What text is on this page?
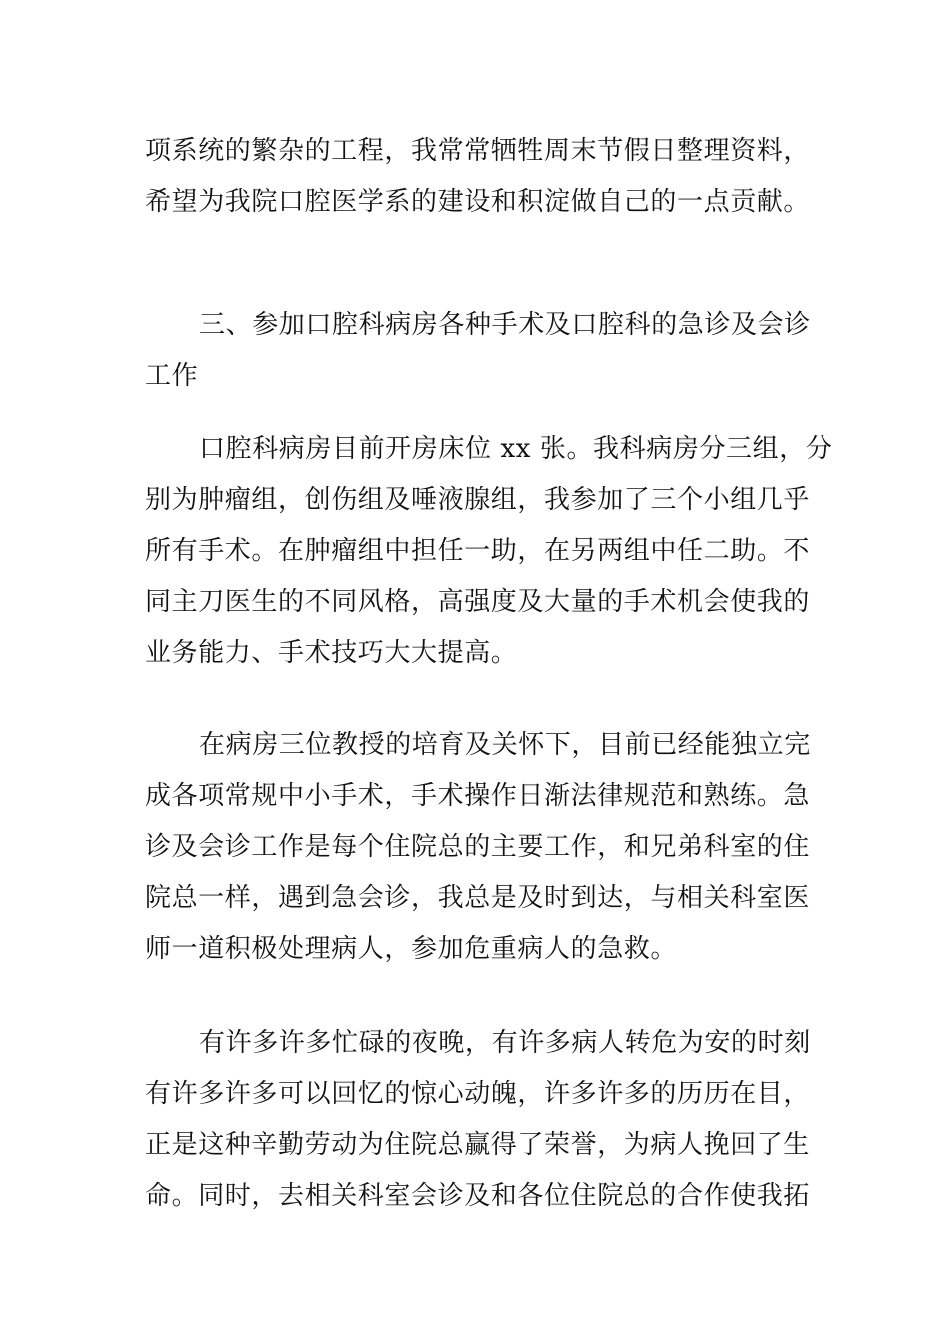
项系统的繁杂的工程，我常常牺牲周末节假日整理资料，
希望为我院口腔医学系的建设和积淀做自己的一点贡献。
三、参加口腔科病房各种手术及口腔科的急诊及会诊
工作
口腔科病房目前开房床位 xx 张。我科病房分三组，分
别为肿瘤组，创伤组及唾液腺组，我参加了三个小组几乎
所有手术。在肿瘤组中担任一助，在另两组中任二助。不
同主刀医生的不同风格，高强度及大量的手术机会使我的
业务能力、手术技巧大大提高。
在病房三位教授的培育及关怀下，目前已经能独立完
成各项常规中小手术，手术操作日渐法律规范和熟练。急
诊及会诊工作是每个住院总的主要工作，和兄弟科室的住
院总一样，遇到急会诊，我总是及时到达，与相关科室医
师一道积极处理病人，参加危重病人的急救。
有许多许多忙碌的夜晚，有许多病人转危为安的时刻
有许多许多可以回忆的惊心动魄，许多许多的历历在目，
正是这种辛勤劳动为住院总赢得了荣誉，为病人挽回了生
命。同时，去相关科室会诊及和各位住院总的合作使我拓
